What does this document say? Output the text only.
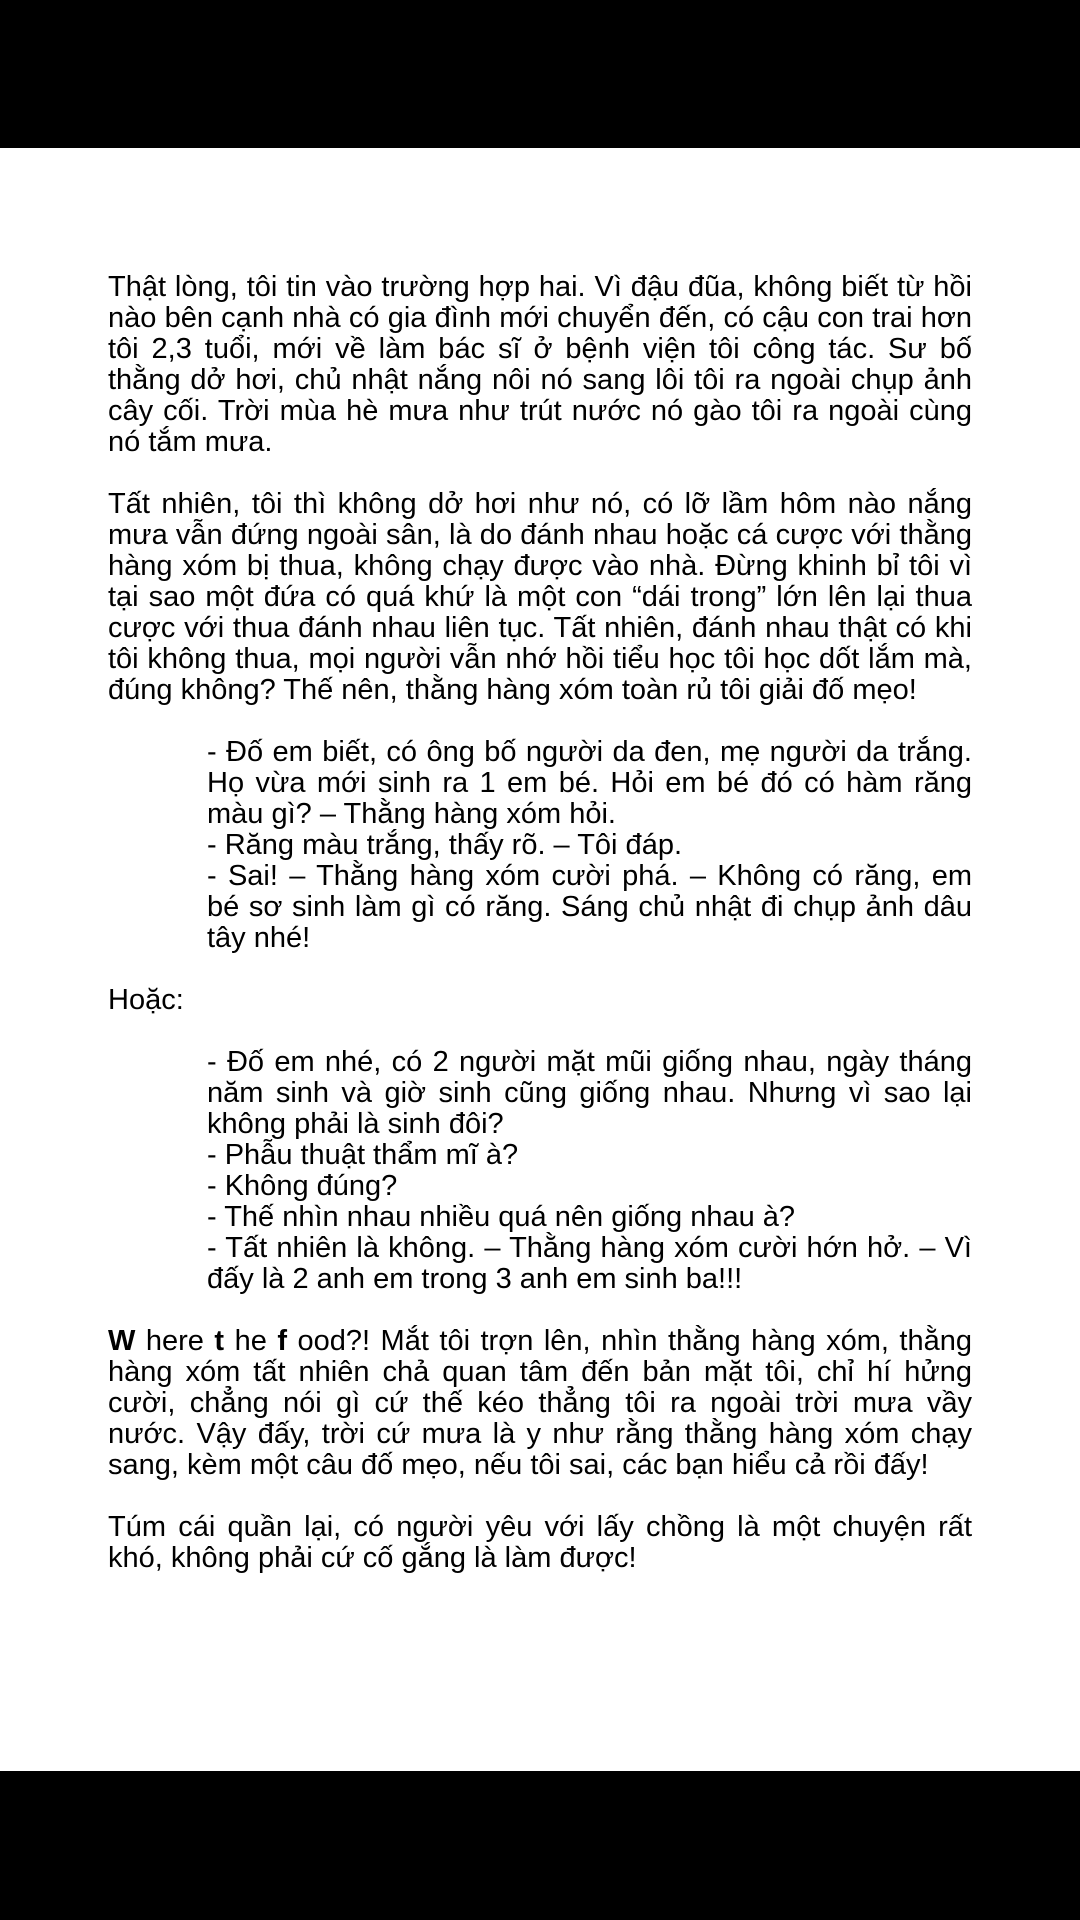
Thật lòng, tôi tin vào trường hợp hai. Vì đậu đũa, không biết từ hồi nào bên cạnh nhà có gia đình mới chuyển đến, có cậu con trai hơn tôi 2,3 tuổi, mới về làm bác sĩ ở bệnh viện tôi công tác. Sư bố thằng dở hơi, chủ nhật nắng nôi nó sang lôi tôi ra ngoài chụp ảnh cây cối. Trời mùa hè mưa như trút nước nó gào tôi ra ngoài cùng nó tắm mưa.

Tất nhiên, tôi thì không dở hơi như nó, có lỡ lầm hôm nào nắng mưa vẫn đứng ngoài sân, là do đánh nhau hoặc cá cược với thằng hàng xóm bị thua, không chạy được vào nhà. Đừng khinh bỉ tôi vì tại sao một đứa có quá khứ là một con “dái trong” lớn lên lại thua cược với thua đánh nhau liên tục. Tất nhiên, đánh nhau thật có khi tôi không thua, mọi người vẫn nhớ hồi tiểu học tôi học dốt lắm mà, đúng không? Thế nên, thằng hàng xóm toàn rủ tôi giải đố mẹo!

- Đố em biết, có ông bố người da đen, mẹ người da trắng. Họ vừa mới sinh ra 1 em bé. Hỏi em bé đó có hàm răng màu gì? – Thằng hàng xóm hỏi.
- Răng màu trắng, thấy rõ. – Tôi đáp.
- Sai! – Thằng hàng xóm cười phá. – Không có răng, em bé sơ sinh làm gì có răng. Sáng chủ nhật đi chụp ảnh dâu tây nhé!

Hoặc:

- Đố em nhé, có 2 người mặt mũi giống nhau, ngày tháng năm sinh và giờ sinh cũng giống nhau. Nhưng vì sao lại không phải là sinh đôi?
- Phẫu thuật thẩm mĩ à?
- Không đúng?
- Thế nhìn nhau nhiều quá nên giống nhau à?
- Tất nhiên là không. – Thằng hàng xóm cười hớn hở. – Vì đấy là 2 anh em trong 3 anh em sinh ba!!!

W here t he f ood?! Mắt tôi trợn lên, nhìn thằng hàng xóm, thằng hàng xóm tất nhiên chả quan tâm đến bản mặt tôi, chỉ hí hửng cười, chẳng nói gì cứ thế kéo thẳng tôi ra ngoài trời mưa vầy nước. Vậy đấy, trời cứ mưa là y như rằng thằng hàng xóm chạy sang, kèm một câu đố mẹo, nếu tôi sai, các bạn hiểu cả rồi đấy!

Túm cái quần lại, có người yêu với lấy chồng là một chuyện rất khó, không phải cứ cố gắng là làm được!
